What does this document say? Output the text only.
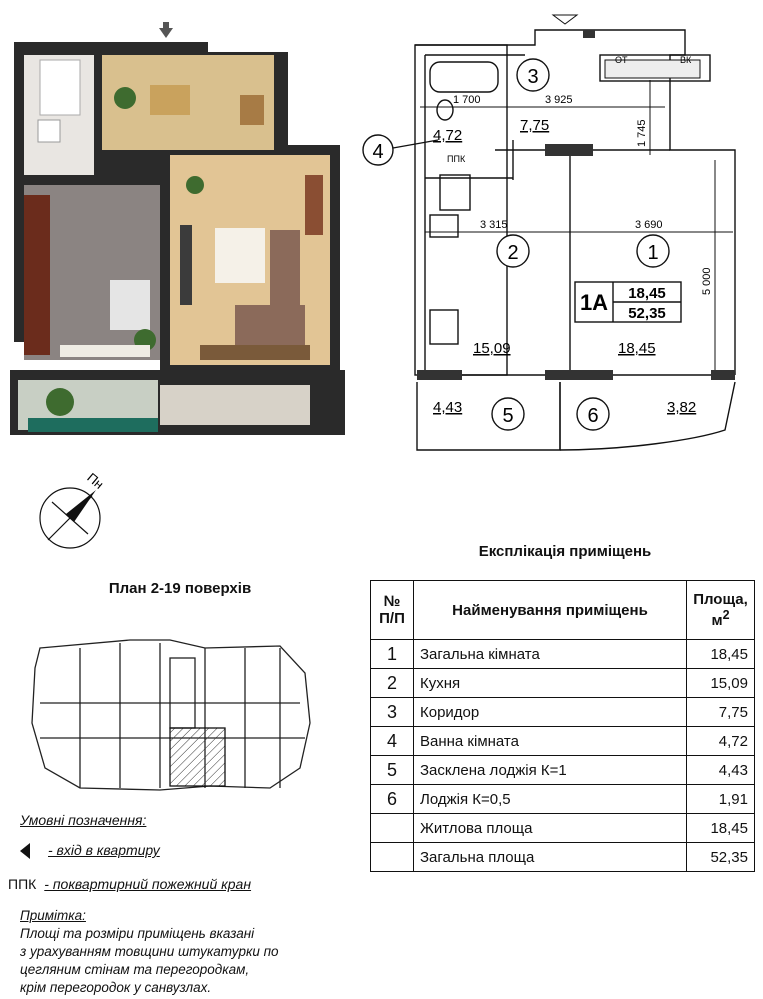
ОТ	ВК
ППК
1 700	3 925
1 745
3 315	3 690
5 000
3
2	1
5	6
7,75
4,72
15,09	18,45
4,43	3,82
1A 18,45
52,35
4
Пн
План 2-19 поверхів
Експлікація приміщень
№
П/П	Найменування приміщень	Площа,
$м^2$
1	Загальна кімната	18,45
2	Кухня	15,09
3	Коридор	7,75
4	Ванна кімната	4,72
5	Засклена лоджія К=1	4,43
6	Лоджія К=0,5	1,91
	Житлова площа	18,45
	Загальна площа	52,35
Умовні позначення:
- вхід в квартиру
ППК - поквартирний пожежний кран
Примітка:
Площі та розміри приміщень вказані
з урахуванням товщини штукатурки по
цегляним стінам та перегородкам,
крім перегородок у санвузлах.
